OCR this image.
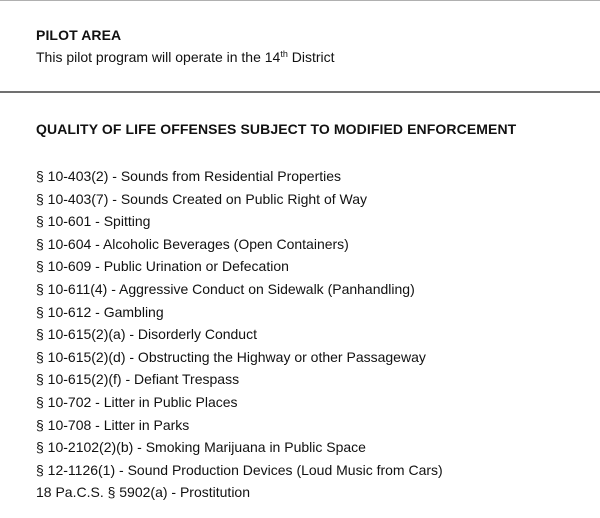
PILOT AREA
This pilot program will operate in the 14th District
QUALITY OF LIFE OFFENSES SUBJECT TO MODIFIED ENFORCEMENT
§ 10-403(2) - Sounds from Residential Properties
§ 10-403(7) - Sounds Created on Public Right of Way
§ 10-601 - Spitting
§ 10-604 - Alcoholic Beverages (Open Containers)
§ 10-609 - Public Urination or Defecation
§ 10-611(4) - Aggressive Conduct on Sidewalk (Panhandling)
§ 10-612 - Gambling
§ 10-615(2)(a) - Disorderly Conduct
§ 10-615(2)(d) - Obstructing the Highway or other Passageway
§ 10-615(2)(f) - Defiant Trespass
§ 10-702 - Litter in Public Places
§ 10-708 - Litter in Parks
§ 10-2102(2)(b) - Smoking Marijuana in Public Space
§ 12-1126(1) - Sound Production Devices (Loud Music from Cars)
18 Pa.C.S. § 5902(a) - Prostitution
